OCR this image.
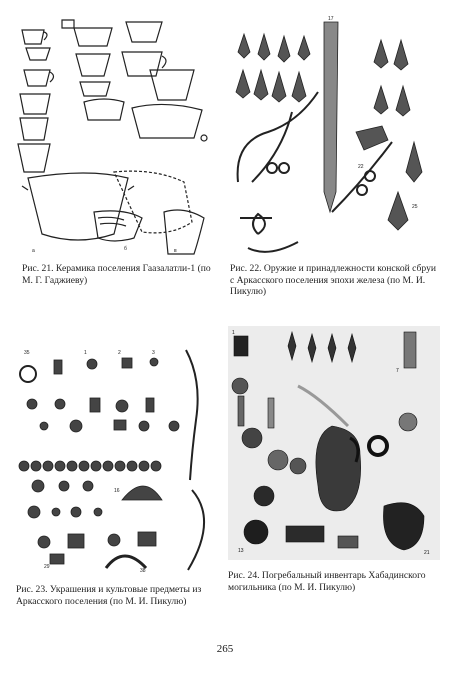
a	б	в
17
22
25
Рис. 21. Керамика поселения Гаазалатли-1 (по М. Г. Гаджиеву)
Рис. 22. Оружие и принадлежности конской сбруи с Аркасского поселения эпохи железа (по М. И. Пикулю)
35	1	2	3
16
29
38
1
7
13	21
Рис. 23. Украшения и культовые предметы из Аркасского поселения (по М. И. Пикулю)
Рис. 24. Погребальный инвентарь Хабадинского могильника (по М. И. Пикулю)
265
